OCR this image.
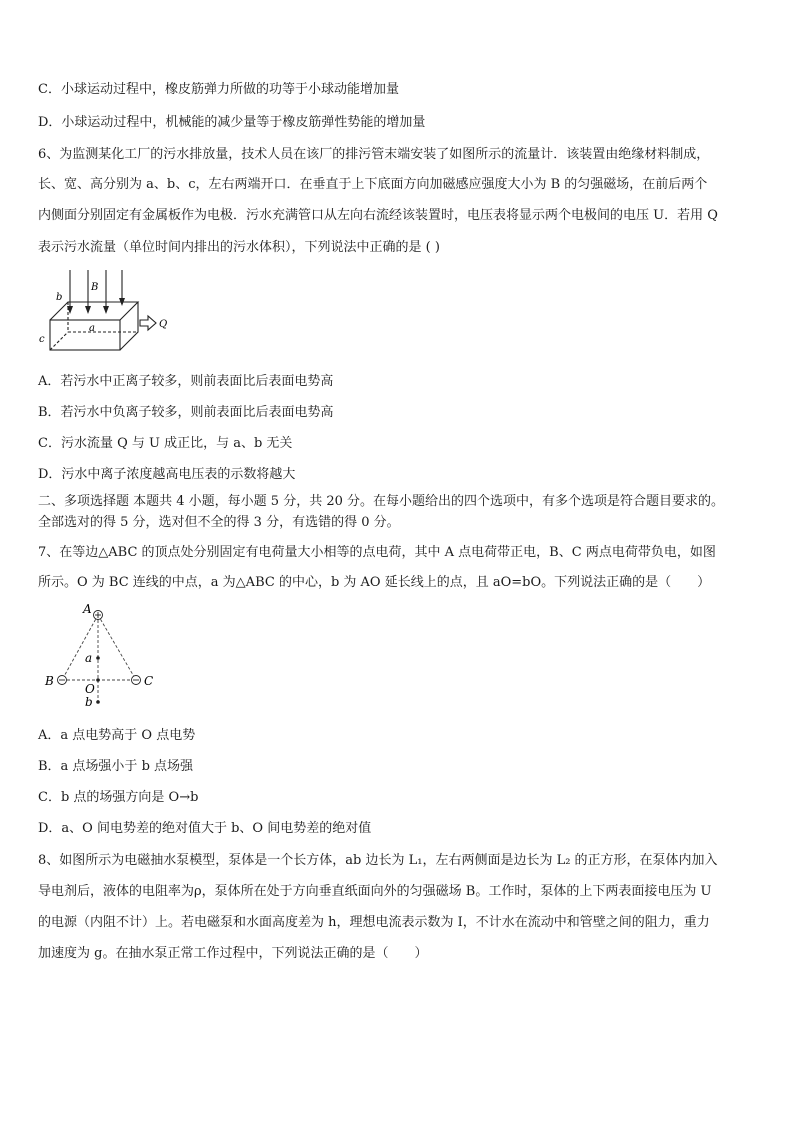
C．小球运动过程中，橡皮筋弹力所做的功等于小球动能增加量
D．小球运动过程中，机械能的减少量等于橡皮筋弹性势能的增加量
6、为监测某化工厂的污水排放量，技术人员在该厂的排污管末端安装了如图所示的流量计．该装置由绝缘材料制成，
长、宽、高分别为 a、b、c，左右两端开口．在垂直于上下底面方向加磁感应强度大小为 B 的匀强磁场，在前后两个
内侧面分别固定有金属板作为电极．污水充满管口从左向右流经该装置时，电压表将显示两个电极间的电压 U．若用 Q
表示污水流量（单位时间内排出的污水体积），下列说法中正确的是 ( )
b
B
a
c
Q
A．若污水中正离子较多，则前表面比后表面电势高
B．若污水中负离子较多，则前表面比后表面电势高
C．污水流量 Q 与 U 成正比，与 a、b 无关
D．污水中离子浓度越高电压表的示数将越大
二、多项选择题 本题共 4 小题，每小题 5 分，共 20 分。在每小题给出的四个选项中，有多个选项是符合题目要求的。
全部选对的得 5 分，选对但不全的得 3 分，有选错的得 0 分。
7、在等边△ABC 的顶点处分别固定有电荷量大小相等的点电荷，其中 A 点电荷带正电，B、C 两点电荷带负电，如图
所示。O 为 BC 连线的中点，a 为△ABC 的中心，b 为 AO 延长线上的点，且 aO=bO。下列说法正确的是（　　）
A
B	C
O
a
b
A．a 点电势高于 O 点电势
B．a 点场强小于 b 点场强
C．b 点的场强方向是 O→b
D．a、O 间电势差的绝对值大于 b、O 间电势差的绝对值
8、如图所示为电磁抽水泵模型，泵体是一个长方体，ab 边长为 L₁，左右两侧面是边长为 L₂ 的正方形，在泵体内加入
导电剂后，液体的电阻率为ρ，泵体所在处于方向垂直纸面向外的匀强磁场 B。工作时，泵体的上下两表面接电压为 U
的电源（内阻不计）上。若电磁泵和水面高度差为 h，理想电流表示数为 I，不计水在流动中和管壁之间的阻力，重力
加速度为 g。在抽水泵正常工作过程中，下列说法正确的是（　　）
